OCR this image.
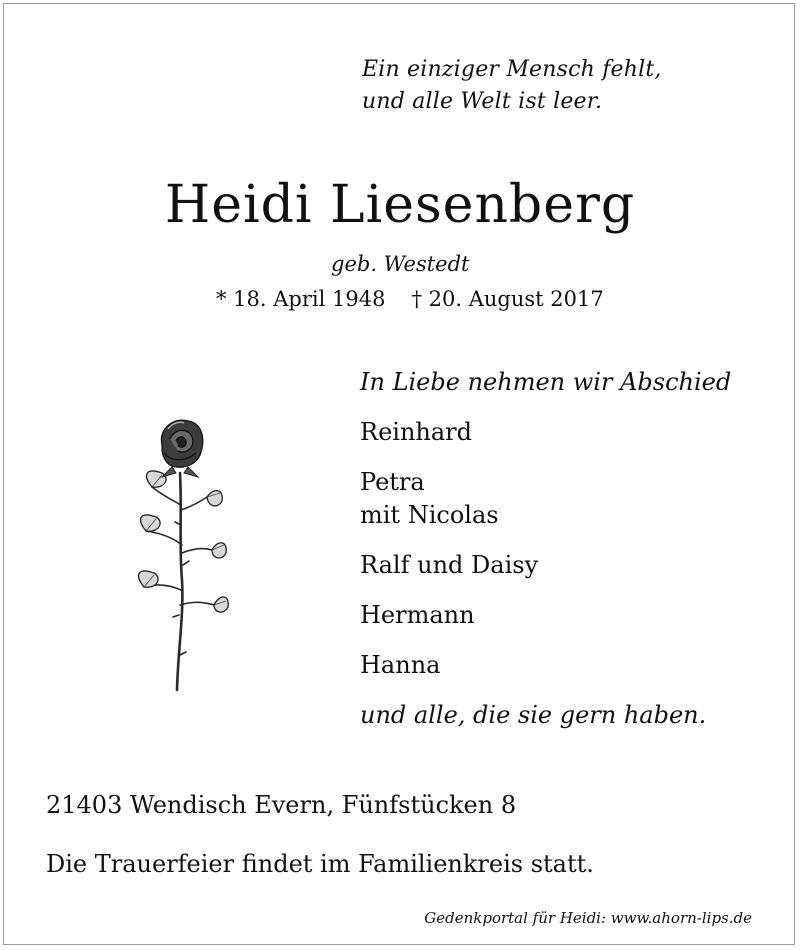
Ein einziger Mensch fehlt,
und alle Welt ist leer.
Heidi Liesenberg
geb. Westedt
* 18. April 1948 † 20. August 2017
In Liebe nehmen wir Abschied
Reinhard
Petra
mit Nicolas
Ralf und Daisy
Hermann
Hanna
und alle, die sie gern haben.
21403 Wendisch Evern, Fünfstücken 8
Die Trauerfeier findet im Familienkreis statt.
Gedenkportal für Heidi: www.ahorn-lips.de
